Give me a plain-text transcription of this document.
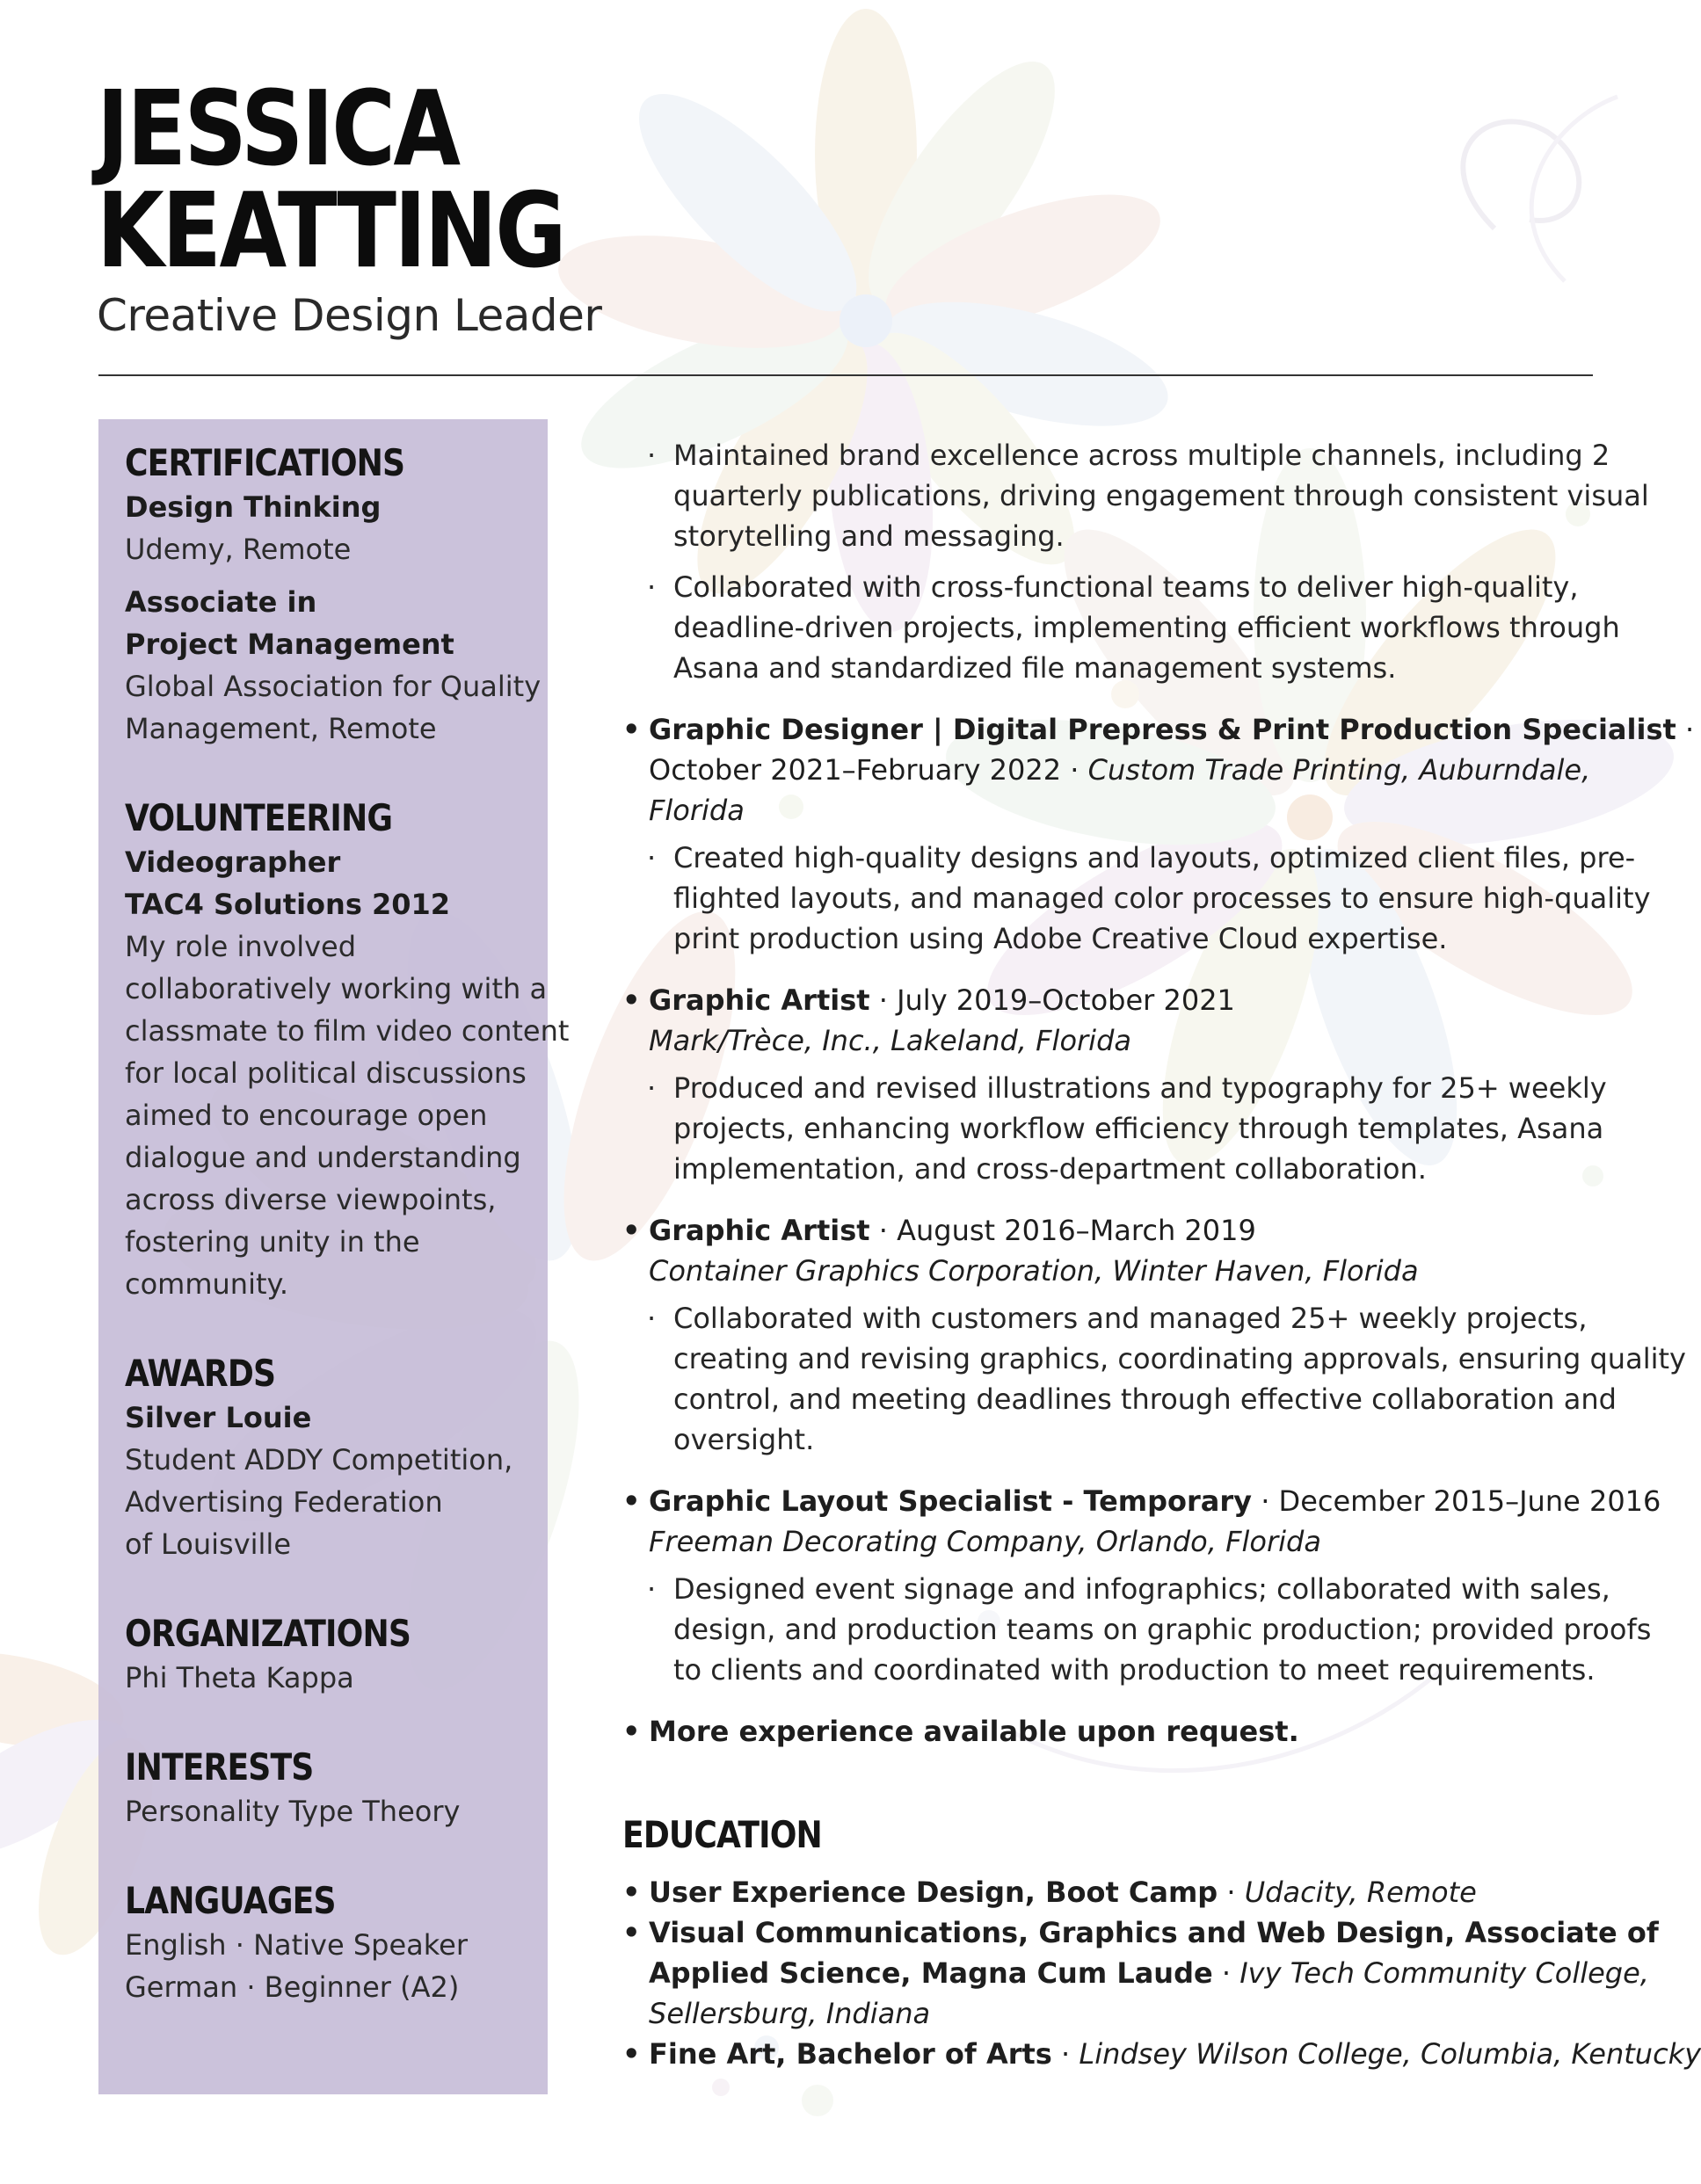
JESSICA
KEATTING
Creative Design Leader
CERTIFICATIONS
Design Thinking
Udemy, Remote
Associate in
Project Management
Global Association for Quality
Management, Remote
VOLUNTEERING
Videographer
TAC4 Solutions 2012
My role involved
collaboratively working with a
classmate to film video content
for local political discussions
aimed to encourage open
dialogue and understanding
across diverse viewpoints,
fostering unity in the
community.
AWARDS
Silver Louie
Student ADDY Competition,
Advertising Federation
of Louisville
ORGANIZATIONS
Phi Theta Kappa
INTERESTS
Personality Type Theory
LANGUAGES
English · Native Speaker
German · Beginner (A2)
· Maintained brand excellence across multiple channels, including 2
quarterly publications, driving engagement through consistent visual
storytelling and messaging.
· Collaborated with cross-functional teams to deliver high-quality,
deadline-driven projects, implementing efficient workflows through
Asana and standardized file management systems.
• Graphic Designer | Digital Prepress & Print Production Specialist ·
October 2021–February 2022 · Custom Trade Printing, Auburndale,
Florida
· Created high-quality designs and layouts, optimized client files, pre-
flighted layouts, and managed color processes to ensure high-quality
print production using Adobe Creative Cloud expertise.
• Graphic Artist · July 2019–October 2021
Mark/Trèce, Inc., Lakeland, Florida
· Produced and revised illustrations and typography for 25+ weekly
projects, enhancing workflow efficiency through templates, Asana
implementation, and cross-department collaboration.
• Graphic Artist · August 2016–March 2019
Container Graphics Corporation, Winter Haven, Florida
· Collaborated with customers and managed 25+ weekly projects,
creating and revising graphics, coordinating approvals, ensuring quality
control, and meeting deadlines through effective collaboration and
oversight.
• Graphic Layout Specialist - Temporary · December 2015–June 2016
Freeman Decorating Company, Orlando, Florida
· Designed event signage and infographics; collaborated with sales,
design, and production teams on graphic production; provided proofs
to clients and coordinated with production to meet requirements.
• More experience available upon request.
EDUCATION
• User Experience Design, Boot Camp · Udacity, Remote
• Visual Communications, Graphics and Web Design, Associate of
Applied Science, Magna Cum Laude · Ivy Tech Community College,
Sellersburg, Indiana
• Fine Art, Bachelor of Arts · Lindsey Wilson College, Columbia, Kentucky
